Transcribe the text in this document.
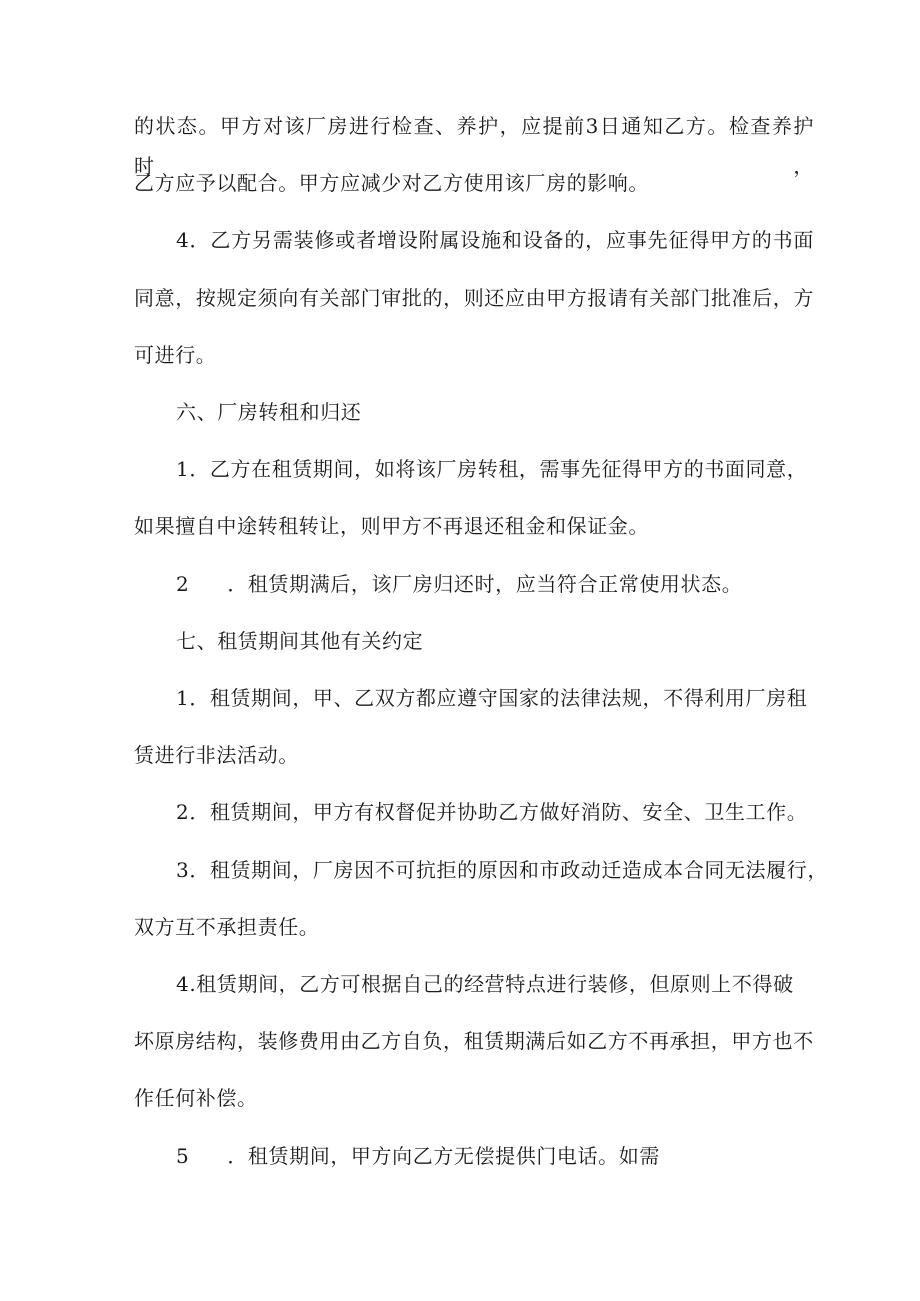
的状态。甲方对该厂房进行检查、养护，应提前3日通知乙方。检查养护时，
乙方应予以配合。甲方应减少对乙方使用该厂房的影响。
4．乙方另需装修或者增设附属设施和设备的，应事先征得甲方的书面
同意，按规定须向有关部门审批的，则还应由甲方报请有关部门批准后，方
可进行。
六、厂房转租和归还
1．乙方在租赁期间，如将该厂房转租，需事先征得甲方的书面同意，
如果擅自中途转租转让，则甲方不再退还租金和保证金。
2 ．租赁期满后，该厂房归还时，应当符合正常使用状态。
七、租赁期间其他有关约定
1．租赁期间，甲、乙双方都应遵守国家的法律法规，不得利用厂房租
赁进行非法活动。
2．租赁期间，甲方有权督促并协助乙方做好消防、安全、卫生工作。
3．租赁期间，厂房因不可抗拒的原因和市政动迁造成本合同无法履行，
双方互不承担责任。
4.租赁期间，乙方可根据自己的经营特点进行装修，但原则上不得破
坏原房结构，装修费用由乙方自负，租赁期满后如乙方不再承担，甲方也不
作任何补偿。
5 ．租赁期间，甲方向乙方无偿提供门电话。如需
